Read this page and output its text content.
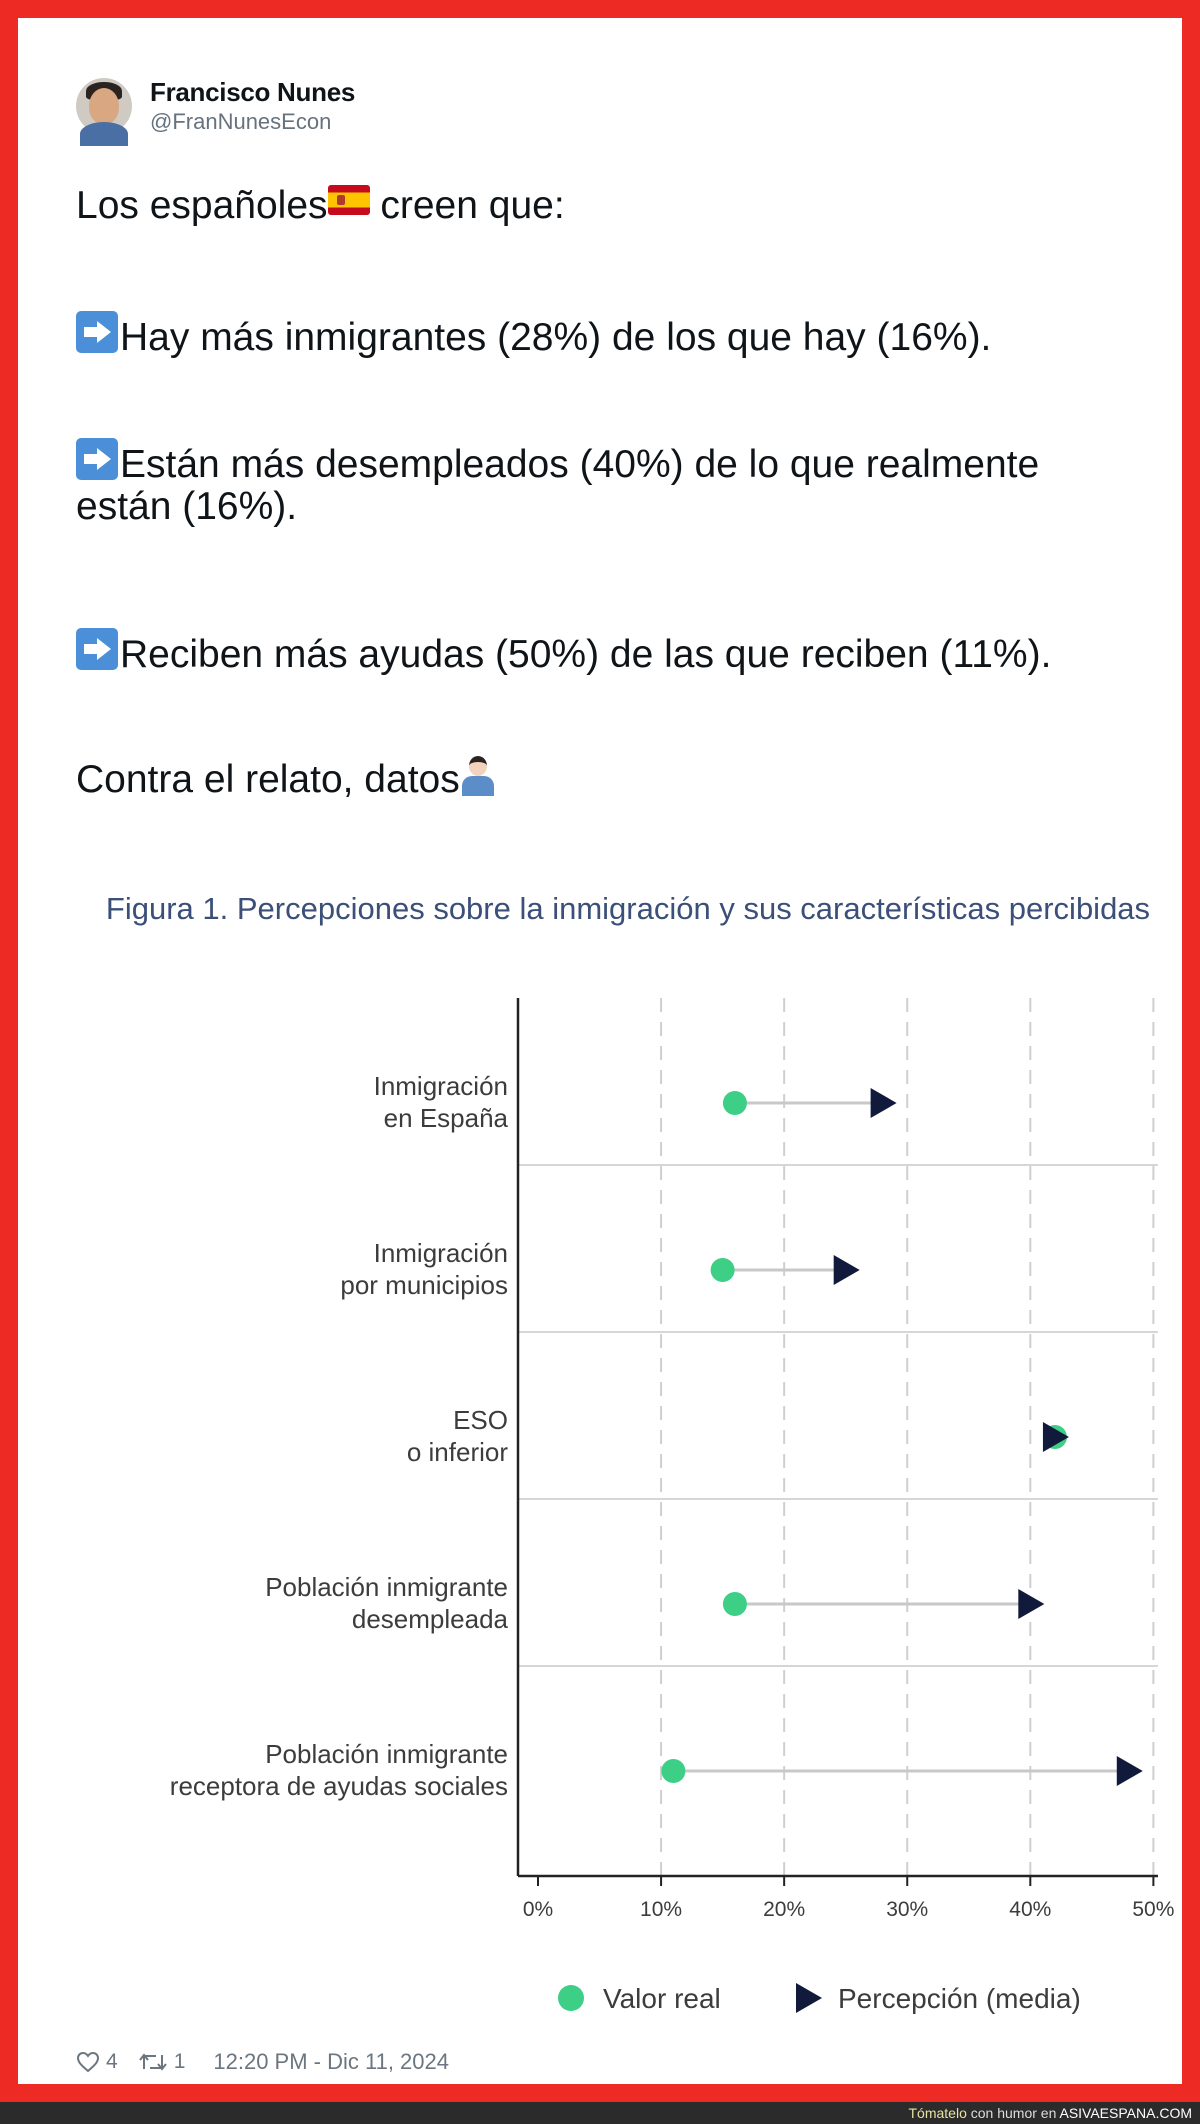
Francisco Nunes
@FranNunesEcon

Los españoles creen que:

Hay más inmigrantes (28%) de los que hay (16%).

Están más desempleados (40%) de lo que realmente

están (16%).

Reciben más ayudas (50%) de las que reciben (11%).

Contra el relato, datos

Figura 1. Percepciones sobre la inmigración y sus características percibidas
0%	10%	20%	30%	40%	50%
Inmigración
en España
Inmigración
por municipios
ESO
o inferior
Población inmigrante
desempleada
Población inmigrante
receptora de ayudas sociales
Valor real	Percepción (media)
4	1 12:20 PM - Dic 11, 2024
Tómatelo con humor en ASIVAESPANA.COM
